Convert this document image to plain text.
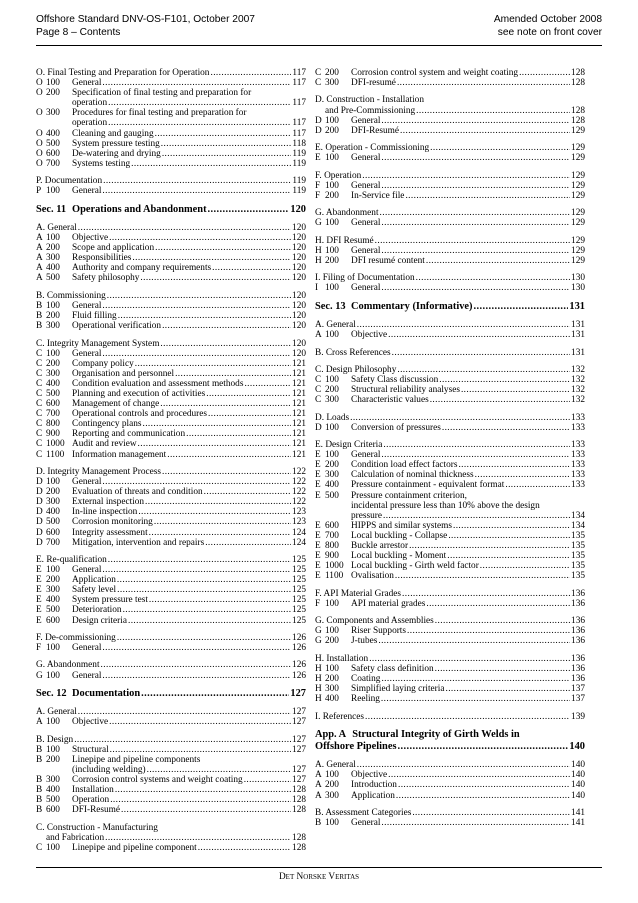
Offshore Standard DNV-OS-F101, October 2007
Page 8 – Contents
Amended October 2008
see note on front cover
O. Final Testing and Preparation for Operation .....	117
O 100	General .....	117
O 200	Specification of final testing and preparation for
operation .....	117
O 300	Procedures for final testing and preparation for
operation .....	117
O 400	Cleaning and gauging .....	117
O 500	System pressure testing .....	118
O 600	De-watering and drying .....	119
O 700	Systems testing .....	119
P. Documentation .....	119
P 100	General .....	119
Sec. 11 Operations and Abandonment .....	120
A. General .....	120
A 100	Objective .....	120
A 200	Scope and application .....	120
A 300	Responsibilities .....	120
A 400	Authority and company requirements .....	120
A 500	Safety philosophy .....	120
B. Commissioning .....	120
B 100	General .....	120
B 200	Fluid filling .....	120
B 300	Operational verification .....	120
C. Integrity Management System .....	120
C 100	General .....	120
C 200	Company policy .....	121
C 300	Organisation and personnel .....	121
C 400	Condition evaluation and assessment methods .....	121
C 500	Planning and execution of activities .....	121
C 600	Management of change .....	121
C 700	Operational controls and procedures .....	121
C 800	Contingency plans .....	121
C 900	Reporting and communication .....	121
C 1000 Audit and review .....	121
C 1100 Information management .....	121
D. Integrity Management Process .....	122
D 100	General .....	122
D 200	Evaluation of threats and condition .....	122
D 300	External inspection .....	122
D 400	In-line inspection .....	123
D 500	Corrosion monitoring .....	123
D 600	Integrity assessment .....	124
D 700	Mitigation, intervention and repairs .....	124
E. Re-qualification .....	125
E 100	General .....	125
E 200	Application .....	125
E 300	Safety level .....	125
E 400	System pressure test .....	125
E 500	Deterioration .....	125
E 600	Design criteria .....	125
F. De-commissioning .....	126
F 100	General .....	126
G. Abandonment .....	126
G 100	General .....	126
Sec. 12 Documentation .....	127
A. General .....	127
A 100	Objective .....	127
B. Design .....	127
B 100	Structural .....	127
B 200	Linepipe and pipeline components
(including welding) .....	127
B 300	Corrosion control systems and weight coating .....	127
B 400	Installation .....	128
B 500	Operation .....	128
B 600	DFI-Resumé .....	128
C. Construction - Manufacturing
and Fabrication .....	128
C 100	Linepipe and pipeline component .....	128
C 200	Corrosion control system and weight coating .....	128
C 300	DFI-resumé .....	128
D. Construction - Installation
and Pre-Commissioning .....	128
D 100	General .....	128
D 200	DFI-Resumé .....	129
E. Operation - Commissioning .....	129
E 100	General .....	129
F. Operation .....	129
F 100	General .....	129
F 200	In-Service file .....	129
G. Abandonment .....	129
G 100	General .....	129
H. DFI Resumé .....	129
H 100	General .....	129
H 200	DFI resumé content .....	129
I. Filing of Documentation .....	130
I 100	General .....	130
Sec. 13 Commentary (Informative) .....	131
A. General .....	131
A 100	Objective .....	131
B. Cross References .....	131
C. Design Philosophy .....	132
C 100	Safety Class discussion .....	132
C 200	Structural reliability analyses .....	132
C 300	Characteristic values .....	132
D. Loads .....	133
D 100	Conversion of pressures .....	133
E. Design Criteria .....	133
E 100	General .....	133
E 200	Condition load effect factors .....	133
E 300	Calculation of nominal thickness .....	133
E 400	Pressure containment - equivalent format .....	133
E 500	Pressure containment criterion,
incidental pressure less than 10% above the design
pressure .....	134
E 600	HIPPS and similar systems .....	134
E 700	Local buckling - Collapse .....	135
E 800	Buckle arrestor .....	135
E 900	Local buckling - Moment .....	135
E 1000 Local buckling - Girth weld factor .....	135
E 1100 Ovalisation .....	135
F. API Material Grades .....	136
F 100	API material grades .....	136
G. Components and Assemblies .....	136
G 100	Riser Supports .....	136
G 200	J-tubes .....	136
H. Installation .....	136
H 100	Safety class definition .....	136
H 200	Coating .....	136
H 300	Simplified laying criteria .....	137
H 400	Reeling .....	137
I. References .....	139
App. A Structural Integrity of Girth Welds in
Offshore Pipelines .....	140
A. General .....	140
A 100	Objective .....	140
A 200	Introduction .....	140
A 300	Application .....	140
B. Assessment Categories .....	141
B 100	General .....	141
Det Norske Veritas
